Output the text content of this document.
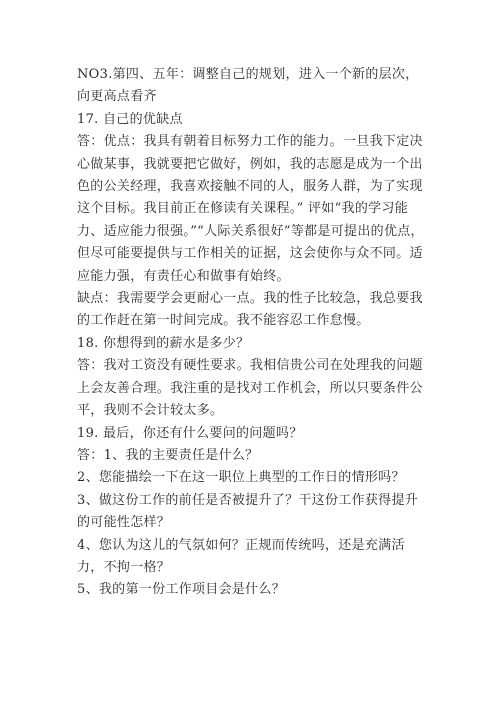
NO3.第四、五年：调整自己的规划，进入一个新的层次，向更高点看齐

17. 自己的优缺点

答：优点：我具有朝着目标努力工作的能力。一旦我下定决心做某事，我就要把它做好，例如，我的志愿是成为一个出色的公关经理，我喜欢接触不同的人，服务人群，为了实现这个目标。我目前正在修读有关课程。” 评如“我的学习能力、适应能力很强。”“人际关系很好”等都是可提出的优点，但尽可能要提供与工作相关的证据，这会使你与众不同。适应能力强，有责任心和做事有始终。

缺点：我需要学会更耐心一点。我的性子比较急，我总要我的工作赶在第一时间完成。我不能容忍工作怠慢。

18. 你想得到的薪水是多少？

答：我对工资没有硬性要求。我相信贵公司在处理我的问题上会友善合理。我注重的是找对工作机会，所以只要条件公平，我则不会计较太多。

19. 最后，你还有什么要问的问题吗？

答：1、我的主要责任是什么？

2、您能描绘一下在这一职位上典型的工作日的情形吗？

3、做这份工作的前任是否被提升了？干这份工作获得提升的可能性怎样？

4、您认为这儿的气氛如何？正规而传统吗，还是充满活力，不拘一格？

5、我的第一份工作项目会是什么？
